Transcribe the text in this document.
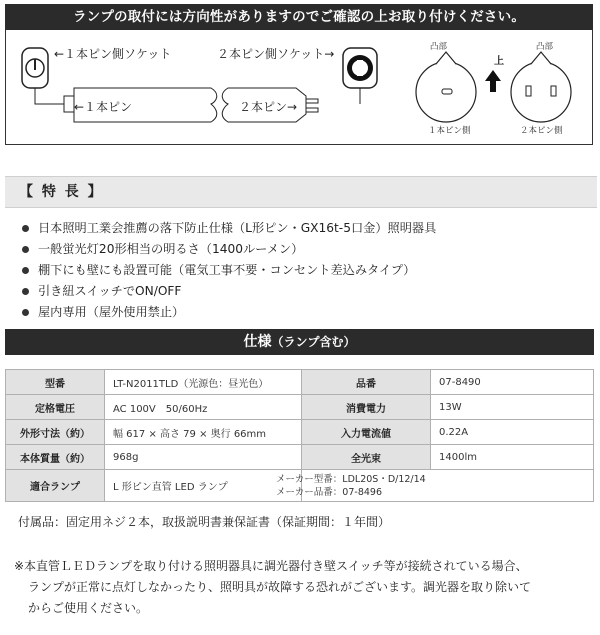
ランプの取付には方向性がありますのでご確認の上お取り付けください。
←１本ピン側ソケット	２本ピン側ソケット→
←１本ピン	２本ピン→
凸部	凸部
上
１本ピン側	２本ピン側
【 特 長 】
日本照明工業会推薦の落下防止仕様（L形ピン・GX16t-5口金）照明器具
一般蛍光灯20形相当の明るさ（1400ルーメン）
棚下にも壁にも設置可能（電気工事不要・コンセント差込みタイプ）
引き紐スイッチでON/OFF
屋内専用（屋外使用禁止）
仕様（ランプ含む）
型番	LT-N2011TLD（光源色：昼光色）	品番	07-8490
定格電圧	AC 100V　50/60Hz	消費電力	13W
外形寸法（約）	幅 617 × 高さ 79 × 奥行 66mm	入力電流値	0.22A
本体質量（約）	968g	全光束	1400lm
適合ランプ	L 形ピン直管 LED ランプ	メーカー型番：LDL20S・D/12/14
メーカー品番：07-8496	
付属品：固定用ネジ２本，取扱説明書兼保証書（保証期間：１年間）
※本直管ＬＥＤランプを取り付ける照明器具に調光器付き壁スイッチ等が接続されている場合、
ランプが正常に点灯しなかったり、照明具が故障する恐れがございます。調光器を取り除いて
からご使用ください。
